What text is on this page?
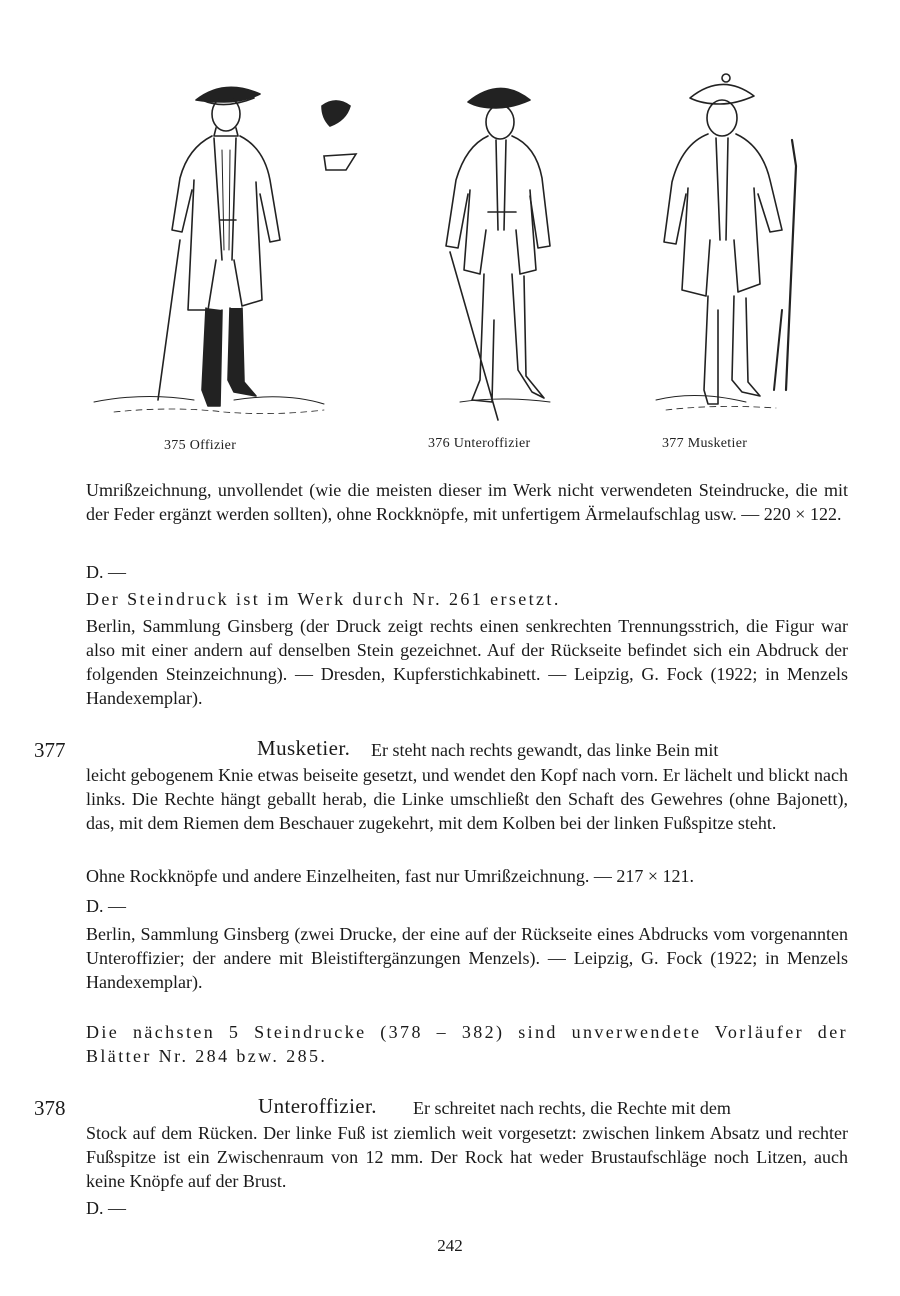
375 Offizier	376 Unteroffizier	377 Musketier

Umrißzeichnung, unvollendet (wie die meisten dieser im Werk nicht verwendeten Steindrucke, die mit der Feder ergänzt werden sollten), ohne Rockknöpfe, mit unfertigem Ärmelaufschlag usw. — 220 × 122.

D. —
Der Steindruck ist im Werk durch Nr. 261 ersetzt.
Berlin, Sammlung Ginsberg (der Druck zeigt rechts einen senkrechten Trennungsstrich, die Figur war also mit einer andern auf denselben Stein gezeichnet. Auf der Rückseite befindet sich ein Abdruck der folgenden Steinzeichnung). — Dresden, Kupferstichkabinett. — Leipzig, G. Fock (1922; in Menzels Handexemplar).
377	Musketier. Er steht nach rechts gewandt, das linke Bein mit
leicht gebogenem Knie etwas beiseite gesetzt, und wendet den Kopf nach vorn. Er lächelt und blickt nach links. Die Rechte hängt geballt herab, die Linke umschließt den Schaft des Gewehres (ohne Bajonett), das, mit dem Riemen dem Beschauer zugekehrt, mit dem Kolben bei der linken Fußspitze steht.
Ohne Rockknöpfe und andere Einzelheiten, fast nur Umrißzeichnung. — 217 × 121.
D. —
Berlin, Sammlung Ginsberg (zwei Drucke, der eine auf der Rückseite eines Abdrucks vom vorgenannten Unteroffizier; der andere mit Bleistiftergänzungen Menzels). — Leipzig, G. Fock (1922; in Menzels Handexemplar).
Die nächsten 5 Steindrucke (378 – 382) sind unverwendete Vorläufer der Blätter Nr. 284 bzw. 285.
378	Unteroffizier. Er schreitet nach rechts, die Rechte mit dem
Stock auf dem Rücken. Der linke Fuß ist ziemlich weit vorgesetzt: zwischen linkem Absatz und rechter Fußspitze ist ein Zwischenraum von 12 mm. Der Rock hat weder Brustaufschläge noch Litzen, auch keine Knöpfe auf der Brust.
D. —
242
